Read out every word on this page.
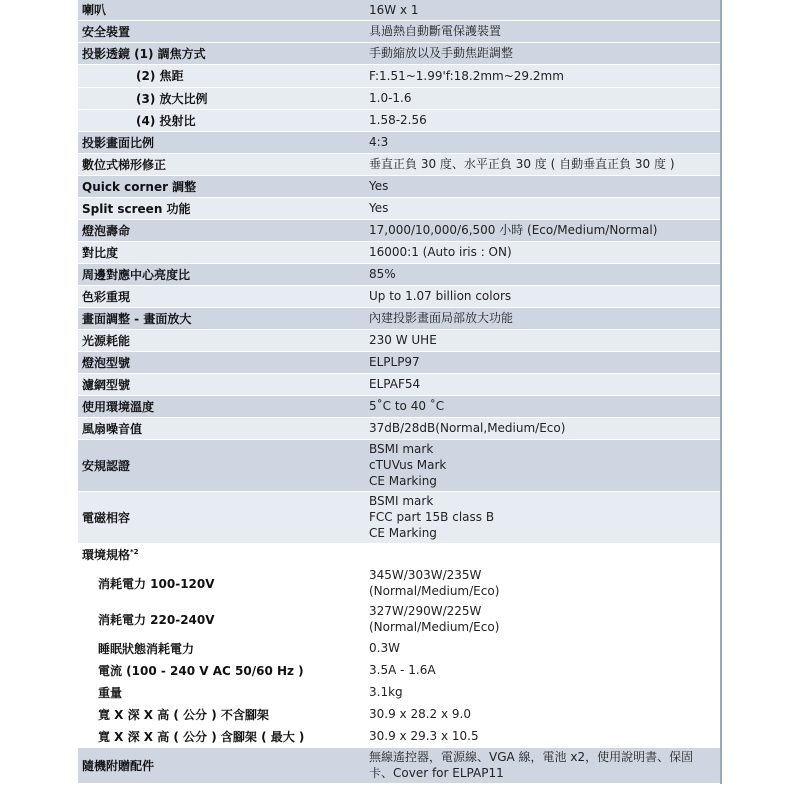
喇叭	16W x 1
安全裝置	具過熱自動斷電保護裝置
投影透鏡 (1) 調焦方式	手動縮放以及手動焦距調整
(2) 焦距	F:1.51~1.99'f:18.2mm~29.2mm
(3) 放大比例	1.0-1.6
(4) 投射比	1.58-2.56
投影畫面比例	4:3
數位式梯形修正	垂直正負 30 度、水平正負 30 度 ( 自動垂直正負 30 度 )
Quick corner 調整	Yes
Split screen 功能	Yes
燈泡壽命	17,000/10,000/6,500 小時 (Eco/Medium/Normal)
對比度	16000:1 (Auto iris : ON)
周邊對應中心亮度比	85%
色彩重現	Up to 1.07 billion colors
畫面調整 - 畫面放大	內建投影畫面局部放大功能
光源耗能	230 W UHE
燈泡型號	ELPLP97
濾網型號	ELPAF54
使用環境溫度	5˚C to 40 ˚C
風扇噪音值	37dB/28dB(Normal,Medium/Eco)
安規認證	BSMI mark
cTUVus Mark
CE Marking
電磁相容	BSMI mark
FCC part 15B class B
CE Marking
環境規格$^{*2}$	
消耗電力 100-120V	345W/303W/235W
(Normal/Medium/Eco)
消耗電力 220-240V	327W/290W/225W
(Normal/Medium/Eco)
睡眠狀態消耗電力	0.3W
電流 (100 - 240 V AC 50/60 Hz )	3.5A - 1.6A
重量	3.1kg
寬 X 深 X 高 ( 公分 ) 不含腳架	30.9 x 28.2 x 9.0
寬 X 深 X 高 ( 公分 ) 含腳架 ( 最大 )	30.9 x 29.3 x 10.5
隨機附贈配件	無線遙控器，電源線、VGA 線，電池 x2，使用說明書、保固卡、Cover for ELPAP11
